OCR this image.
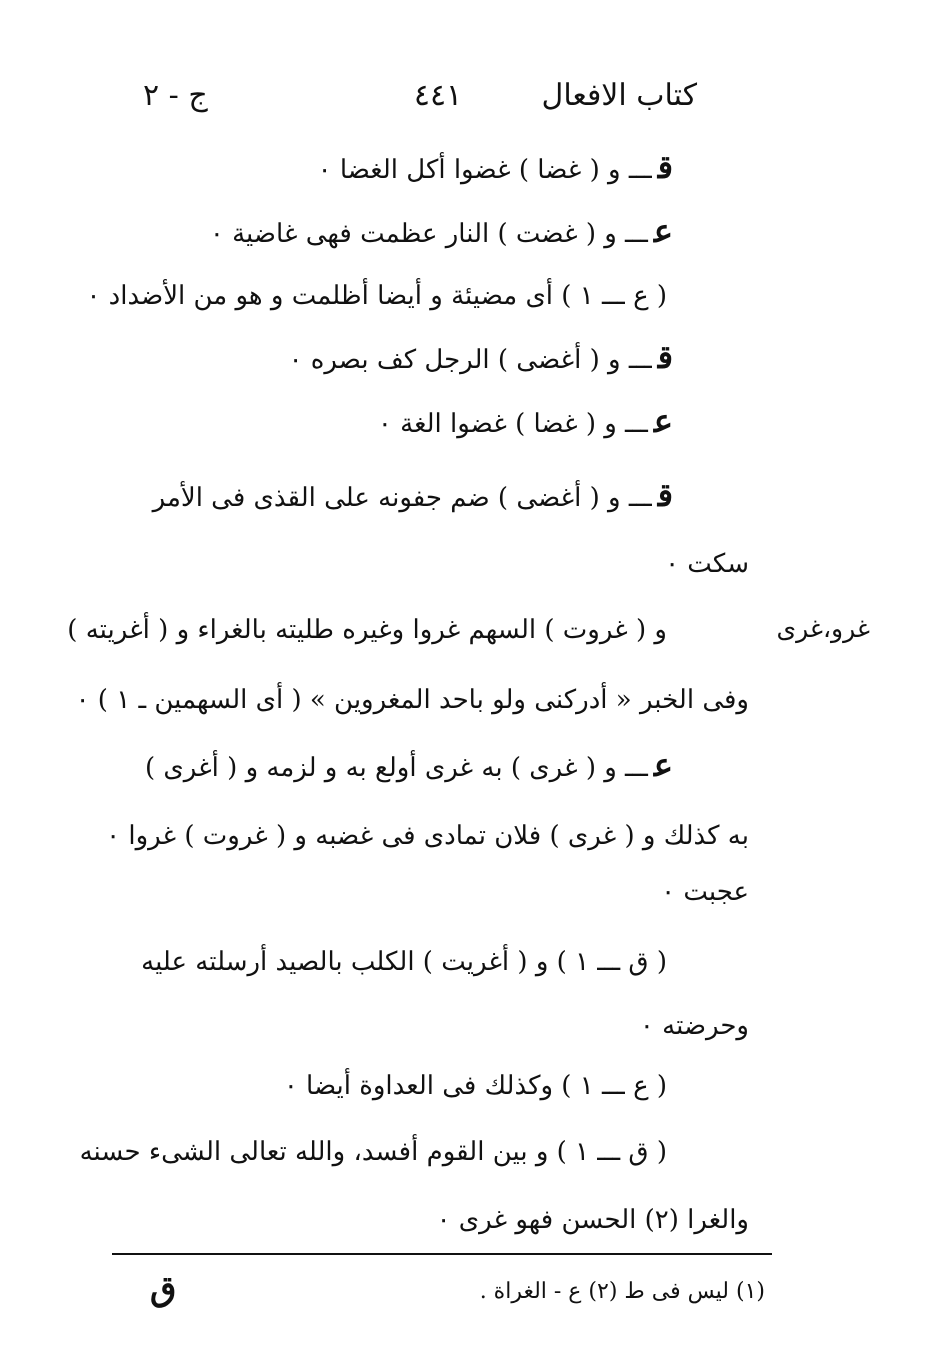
كتاب الافعال
٤٤١
ج - ٢
قـــ و ( غضا ) غضوا أكل الغضا ٠
عـــ و ( غضت ) النار عظمت فهى غاضية ٠
( ع ـــ ١ ) أى مضيئة و أيضا أظلمت و هو من الأضداد ٠
قـــ و ( أغضى ) الرجل كف بصره ٠
عـــ و ( غضا ) غضوا الغة ٠
قـــ و ( أغضى ) ضم جفونه على القذى فى الأمر
سكت ٠
غرو،غرى
و ( غروت ) السهم غروا وغيره طليته بالغراء و ( أغريته )
وفى الخبر « أدركنى ولو باحد المغروين » ( أى السهمين ـ ١ ) ٠
عـــ و ( غرى ) به غرى أولع به و لزمه و ( أغرى )
به كذلك و ( غرى ) فلان تمادى فى غضبه و ( غروت ) غروا ٠
عجبت ٠
( ق ـــ ١ ) و ( أغريت ) الكلب بالصيد أرسلته عليه
وحرضته ٠
( ع ـــ ١ ) وكذلك فى العداوة أيضا ٠
( ق ـــ ١ ) و بين القوم أفسد، والله تعالى الشىء حسنه
والغرا (٢) الحسن فهو غرى ٠
(١) ليس فى ط (٢) ع - الغراة .
ق
